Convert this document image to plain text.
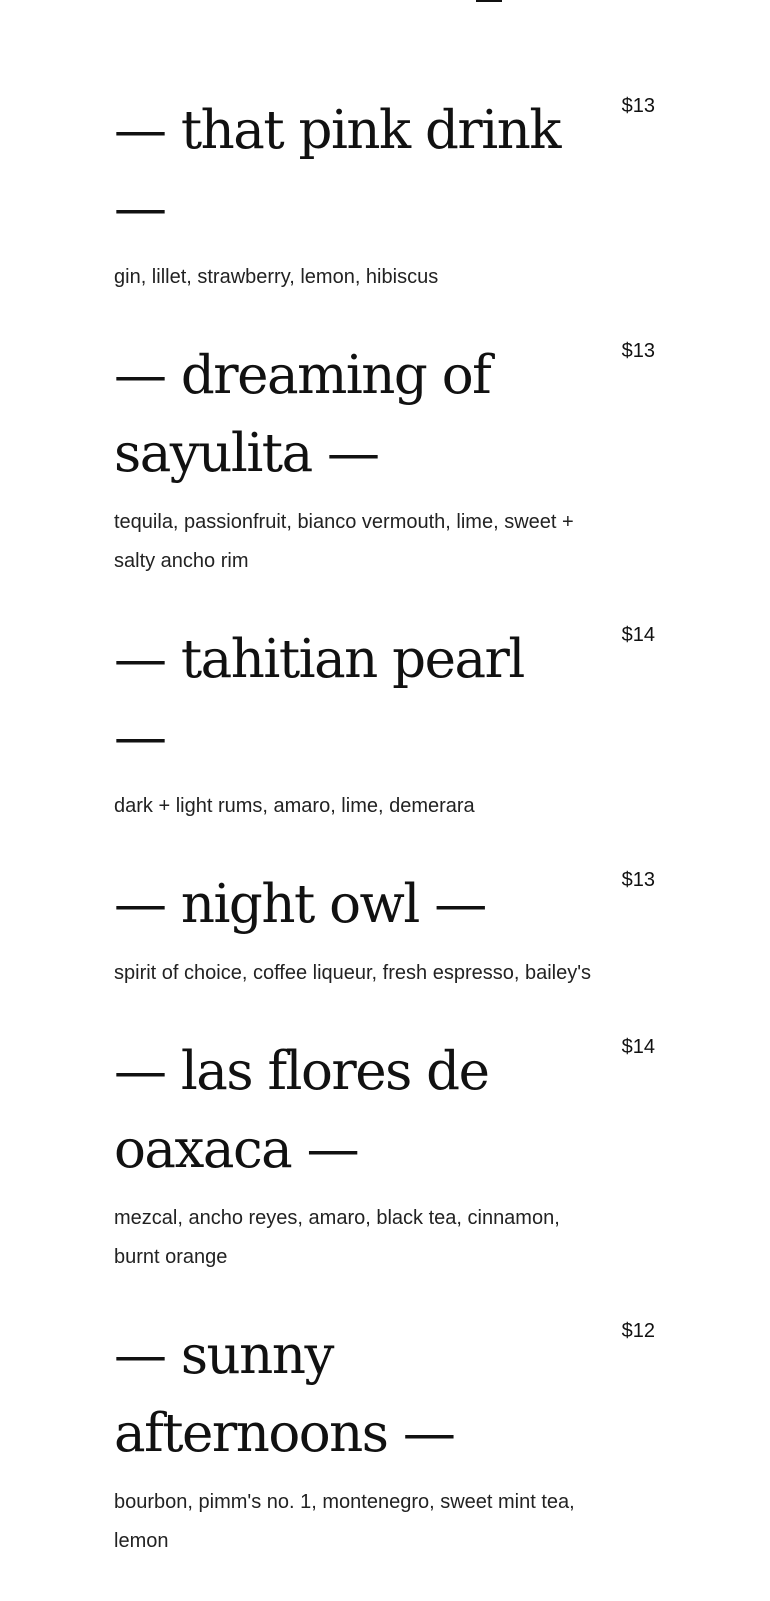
— that pink drink —
$13

gin, lillet, strawberry, lemon, hibiscus

— dreaming of sayulita —
$13

tequila, passionfruit, bianco vermouth, lime, sweet + salty ancho rim

— tahitian pearl —
$14

dark + light rums, amaro, lime, demerara

— night owl —	$13

spirit of choice, coffee liqueur, fresh espresso, bailey's

— las flores de oaxaca —
$14

mezcal, ancho reyes, amaro, black tea, cinnamon, burnt orange

— sunny afternoons —
$12

bourbon, pimm's no. 1, montenegro, sweet mint tea, lemon
